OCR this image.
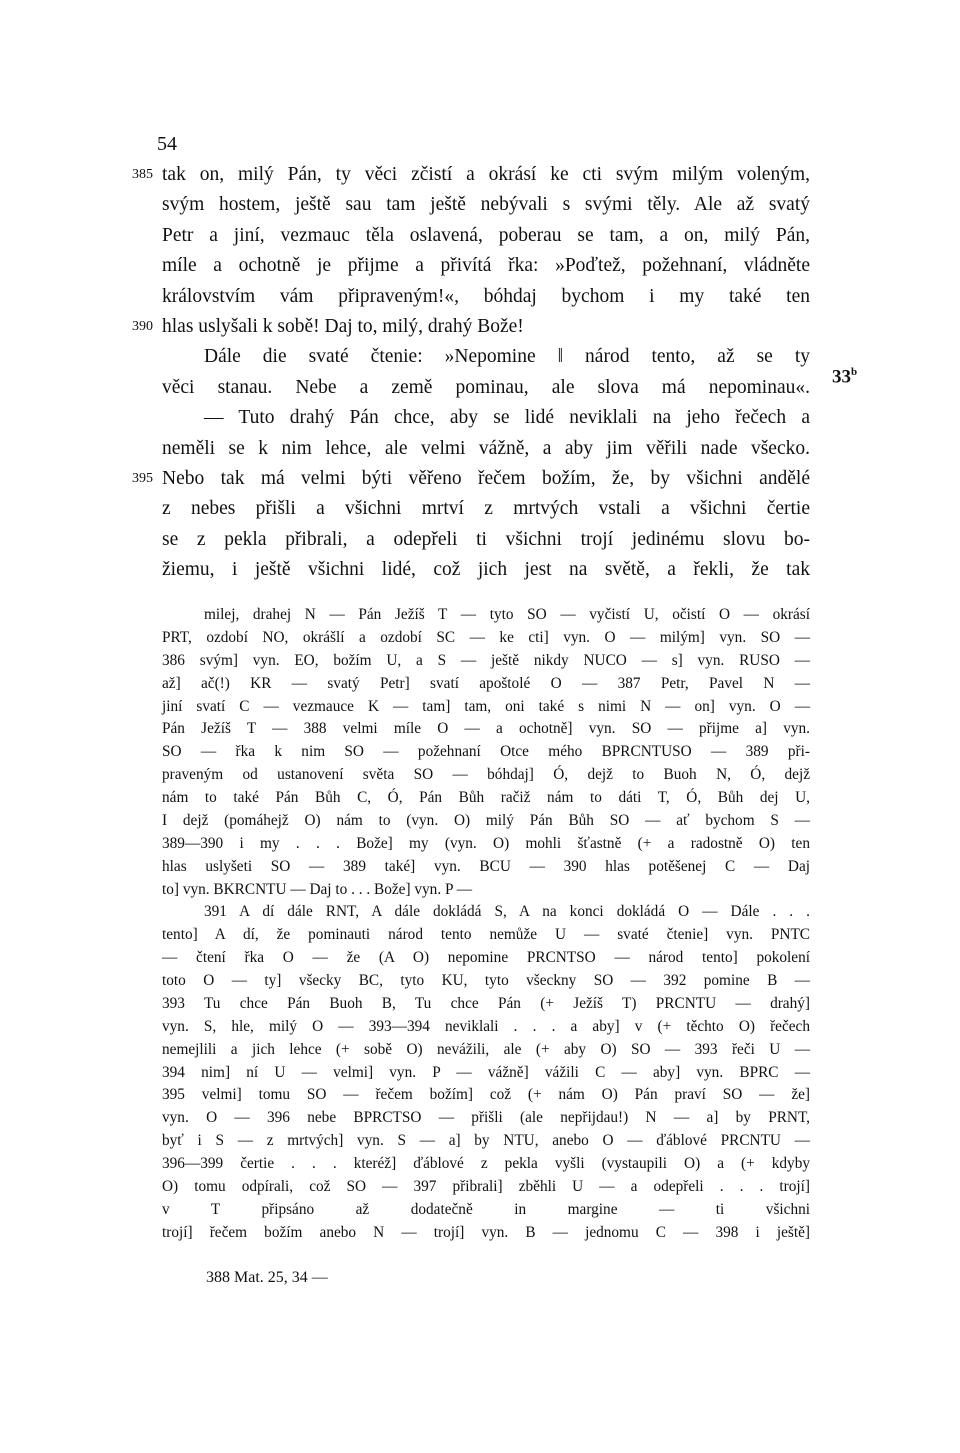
54
33$^b$
385 tak on, milý Pán, ty věci zčistí a okrásí ke cti svým milým voleným,
svým hostem, ještě sau tam ještě nebývali s svými těly. Ale až svatý
Petr a jiní, vezmauc těla oslavená, poberau se tam, a on, milý Pán,
míle a ochotně je přijme a přivítá řka: »Poďtež, požehnaní, vládněte
královstvím vám připraveným!«, bóhdaj bychom i my také ten
390 hlas uslyšali k sobě! Daj to, milý, drahý Bože!
Dále die svaté čtenie: »Nepomine ‖ národ tento, až se ty
věci stanau. Nebe a země pominau, ale slova má nepominau«.
— Tuto drahý Pán chce, aby se lidé neviklali na jeho řečech a
neměli se k nim lehce, ale velmi vážně, a aby jim věřili nade všecko.
395 Nebo tak má velmi býti věřeno řečem božím, že, by všichni andělé
z nebes přišli a všichni mrtví z mrtvých vstali a všichni čertie
se z pekla přibrali, a odepřeli ti všichni trojí jedinému slovu bo-
žiemu, i ještě všichni lidé, což jich jest na světě, a řekli, že tak
milej, drahej N — Pán Ježíš T — tyto SO — vyčistí U, očistí O — okrásí
PRT, ozdobí NO, okrášlí a ozdobí SC — ke cti] vyn. O — milým] vyn. SO —
386 svým] vyn. EO, božím U, a S — ještě nikdy NUCO — s] vyn. RUSO —
až] ač(!) KR — svatý Petr] svatí apoštolé O — 387 Petr, Pavel N —
jiní svatí C — vezmauce K — tam] tam, oni také s nimi N — on] vyn. O —
Pán Ježíš T — 388 velmi míle O — a ochotně] vyn. SO — přijme a] vyn.
SO — řka k nim SO — požehnaní Otce mého BPRCNTUSO — 389 při-
praveným od ustanovení světa SO — bóhdaj] Ó, dejž to Buoh N, Ó, dejž
nám to také Pán Bůh C, Ó, Pán Bůh račiž nám to dáti T, Ó, Bůh dej U,
I dejž (pomáhejž O) nám to (vyn. O) milý Pán Bůh SO — ať bychom S —
389—390 i my . . . Bože] my (vyn. O) mohli šťastně (+ a radostně O) ten
hlas uslyšeti SO — 389 také] vyn. BCU — 390 hlas potěšenej C — Daj
to] vyn. BKRCNTU — Daj to . . . Bože] vyn. P —
391 A dí dále RNT, A dále dokládá S, A na konci dokládá O — Dále . . .
tento] A dí, že pominauti národ tento nemůže U — svaté čtenie] vyn. PNTC
— čtení řka O — že (A O) nepomine PRCNTSO — národ tento] pokolení
toto O — ty] všecky BC, tyto KU, tyto všeckny SO — 392 pomine B —
393 Tu chce Pán Buoh B, Tu chce Pán (+ Ježíš T) PRCNTU — drahý]
vyn. S, hle, milý O — 393—394 neviklali . . . a aby] v (+ těchto O) řečech
nemejlili a jich lehce (+ sobě O) nevážili, ale (+ aby O) SO — 393 řeči U —
394 nim] ní U — velmi] vyn. P — vážně] vážili C — aby] vyn. BPRC —
395 velmi] tomu SO — řečem božím] což (+ nám O) Pán praví SO — že]
vyn. O — 396 nebe BPRCTSO — přišli (ale nepřijdau!) N — a] by PRNT,
byť i S — z mrtvých] vyn. S — a] by NTU, anebo O — ďáblové PRCNTU —
396—399 čertie . . . kteréž] ďáblové z pekla vyšli (vystaupili O) a (+ kdyby
O) tomu odpírali, což SO — 397 přibrali] zběhli U — a odepřeli . . . trojí]
v T připsáno až dodatečně in margine — ti všichni
trojí] řečem božím anebo N — trojí] vyn. B — jednomu C — 398 i ještě]
388 Mat. 25, 34 —
